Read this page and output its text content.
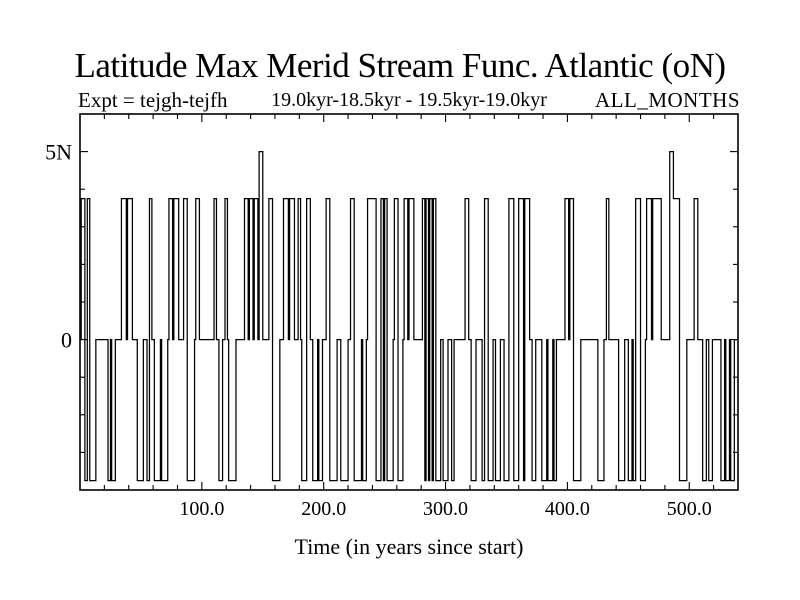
Latitude Max Merid Stream Func. Atlantic (oN)
Expt = tejgh-tejfh	19.0kyr-18.5kyr - 19.5kyr-19.0kyr	ALL_MONTHS
100.0	200.0	300.0	400.0	500.0
0
5N
Time (in years since start)
